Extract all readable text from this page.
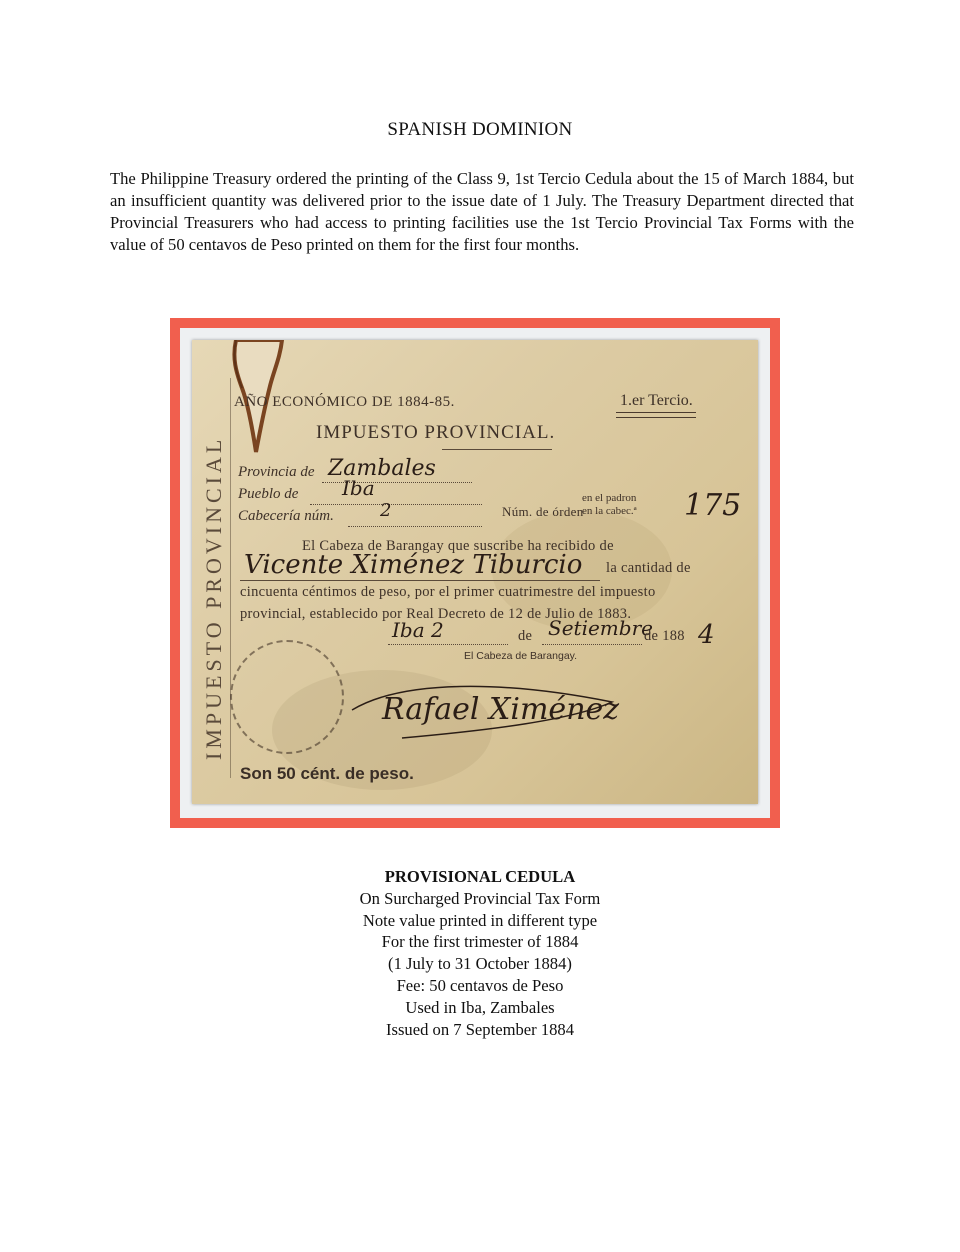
SPANISH DOMINION
The Philippine Treasury ordered the printing of the Class 9, 1st Tercio Cedula about the 15 of March 1884, but an insufficient quantity was delivered prior to the issue date of 1 July. The Treasury Department directed that Provincial Treasurers who had access to printing facilities use the 1st Tercio Provincial Tax Forms with the value of 50 centavos de Peso printed on them for the first four months.
IMPUESTO PROVINCIAL
AÑO ECONÓMICO DE 1884-85.	1.er Tercio.
IMPUESTO PROVINCIAL.
Provincia de Zambales
Pueblo de Iba
Cabecería núm.	2	Núm. de órden
en el padron
en la cabec.ª 175
El Cabeza de Barangay que suscribe ha recibido de
Vicente Ximénez Tiburcio la cantidad de
cincuenta céntimos de peso, por el primer cuatrimestre del impuesto
provincial, establecido por Real Decreto de 12 de Julio de 1883.
Iba 2	de Setiembre
de 188 4
El Cabeza de Barangay.
Rafael Ximénez
Son 50 cént. de peso.
PROVISIONAL CEDULA
On Surcharged Provincial Tax Form
Note value printed in different type
For the first trimester of 1884
(1 July to 31 October 1884)
Fee: 50 centavos de Peso
Used in Iba, Zambales
Issued on 7 September 1884
